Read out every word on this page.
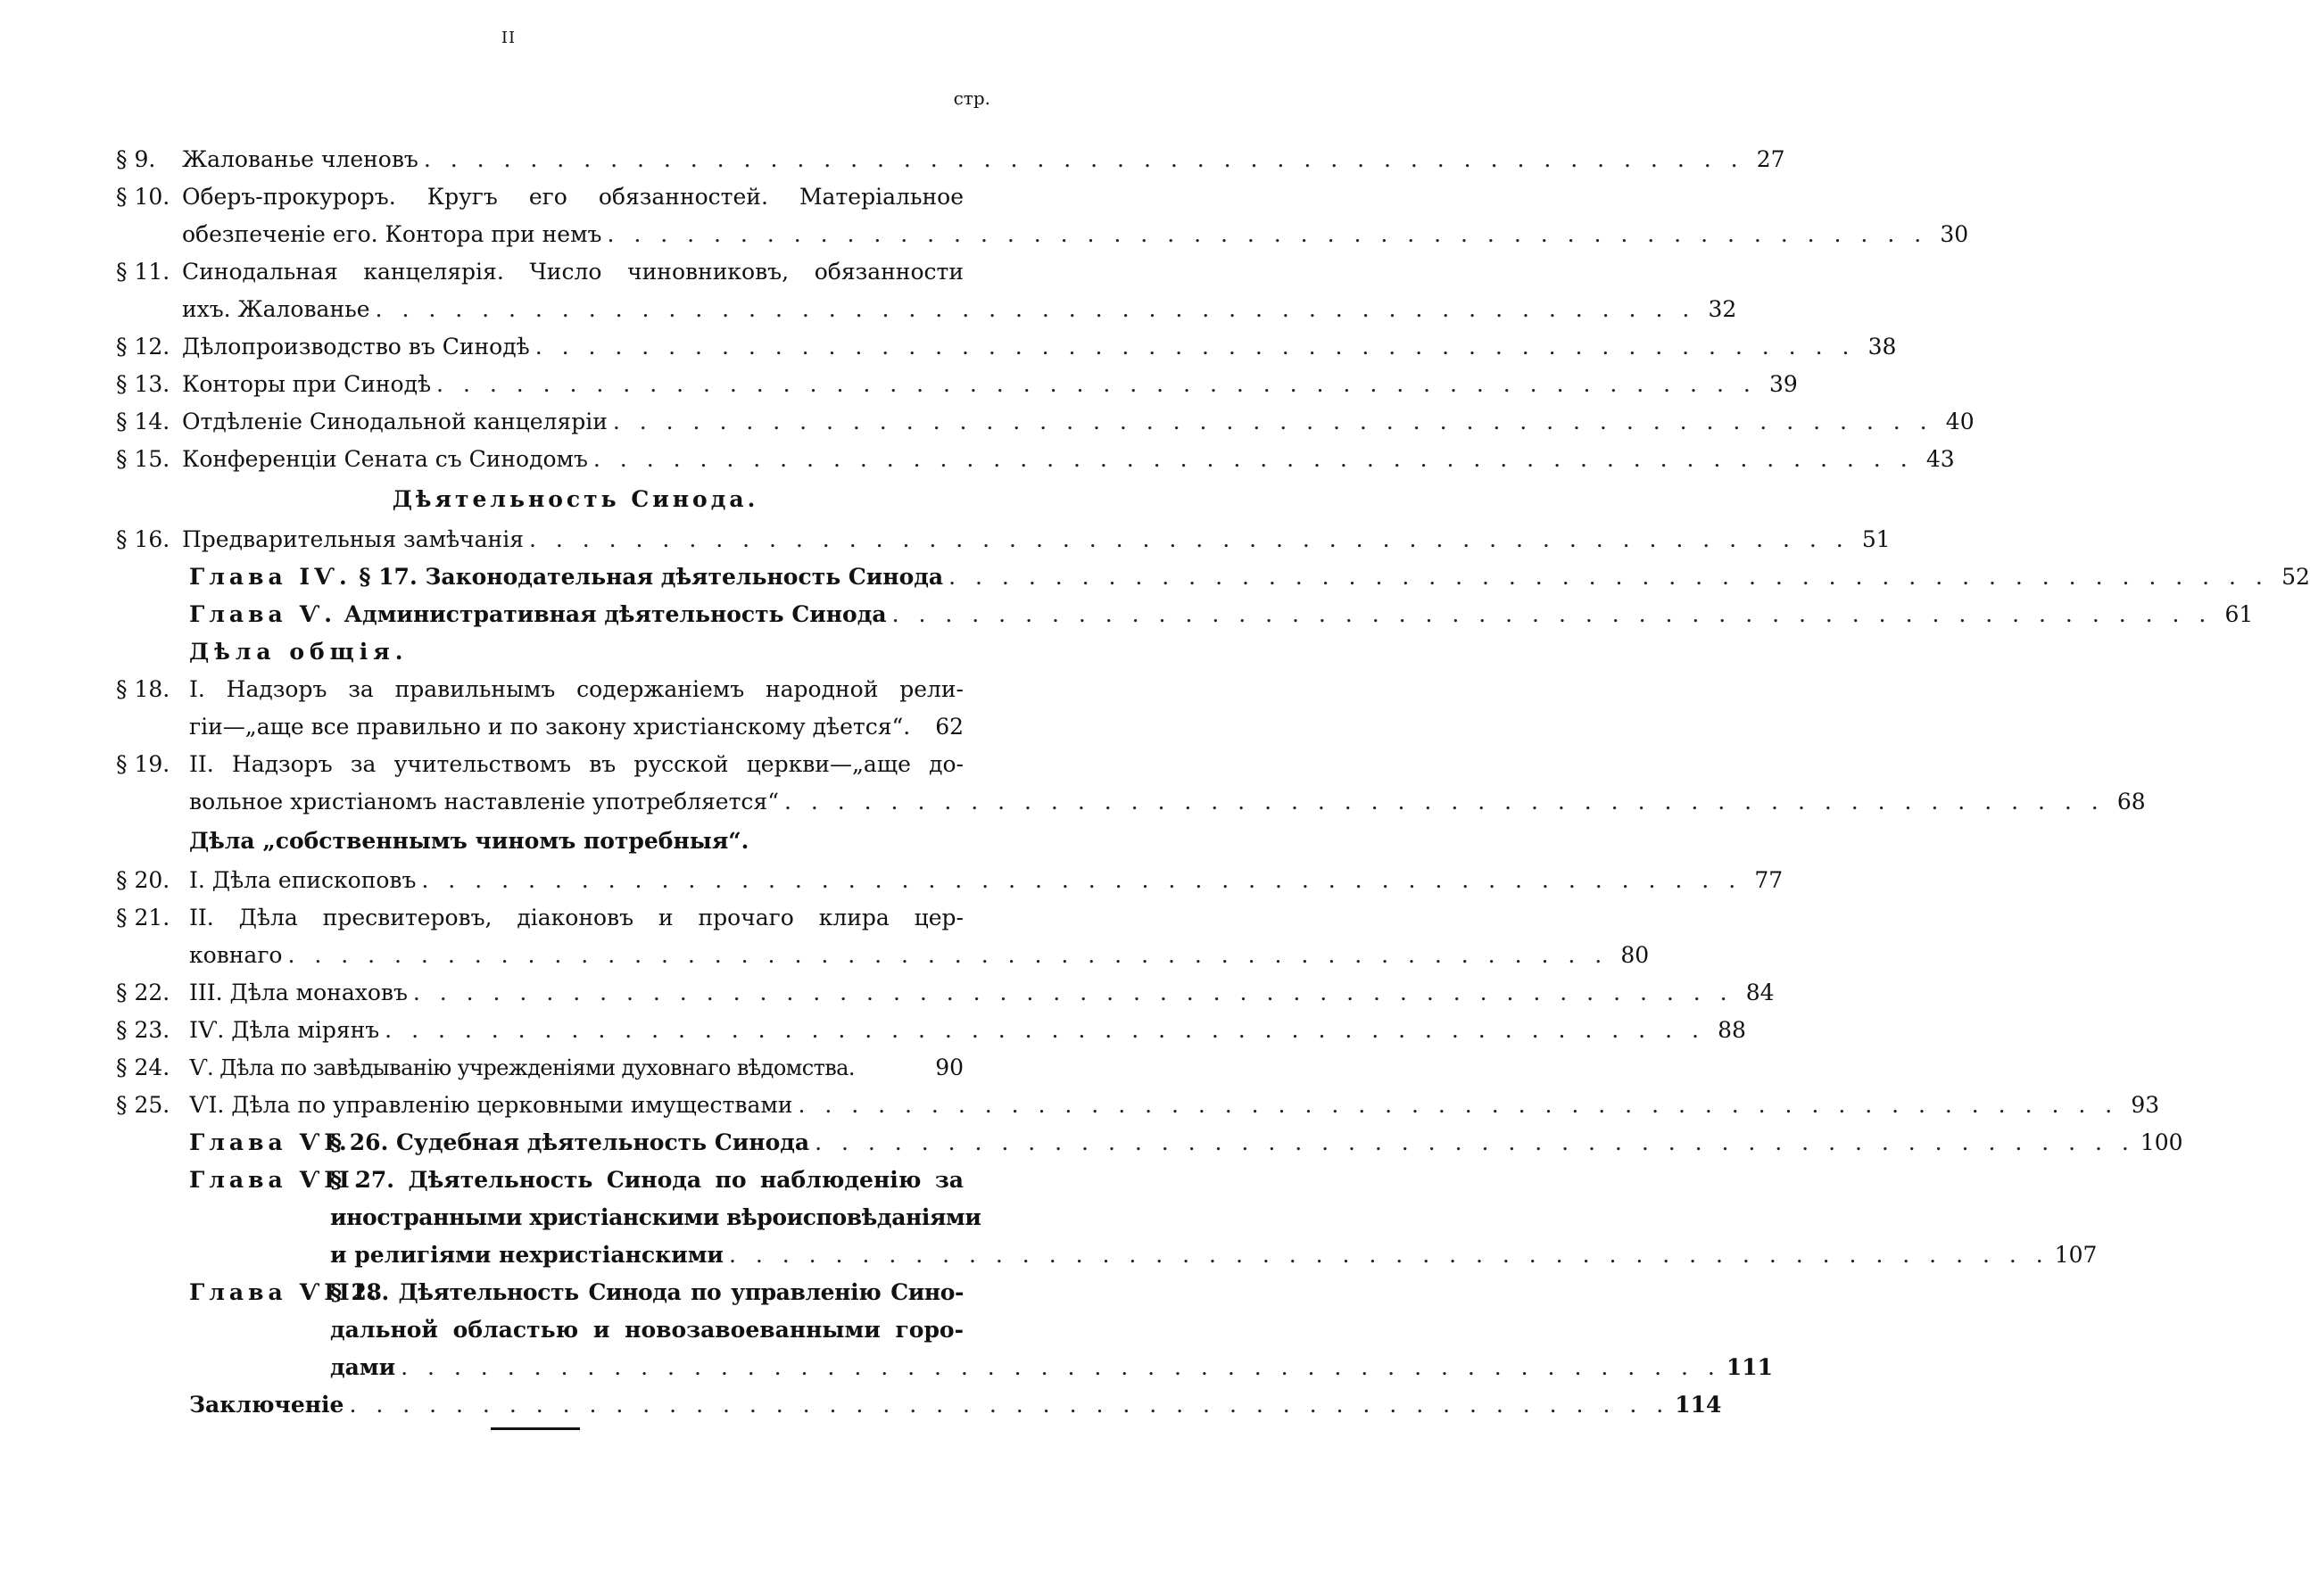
II
стр.
§ 9. Жалованье членовъ . . .	27
§ 10. Оберъ-прокуроръ. Кругъ его обязанностей. Матеріальное
обезпеченіе его. Контора при немъ . . .	30
§ 11. Синодальная канцелярія. Число чиновниковъ, обязанности
ихъ. Жалованье . . .	32
§ 12. Дѣлопроизводство въ Синодѣ . . .	38
§ 13. Конторы при Синодѣ . . .	39
§ 14. Отдѣленіе Синодальной канцеляріи . . .	40
§ 15. Конференціи Сената съ Синодомъ . . .	43
Дѣятельность Синода.
§ 16. Предварительныя замѣчанія . . .	51
Глава IѴ.
§ 17. Законодательная дѣятельность Синода . . .	52
Глава Ѵ.
Административная дѣятельность Синода . . .	61
Дѣла общія.
§ 18. I. Надзоръ за правильнымъ содержаніемъ народной рели-
гіи—„аще все правильно и по закону христіанскому дѣется“.	62
§ 19. II. Надзоръ за учительствомъ въ русской церкви—„аще до-
вольное христіаномъ наставленіе употребляется“ . . .	68
Дѣла „собственнымъ чиномъ потребныя“.
§ 20. I. Дѣла епископовъ . . .	77
§ 21. II. Дѣла пресвитеровъ, діаконовъ и прочаго клира цер-
ковнаго . . .	80
§ 22. III. Дѣла монаховъ . . .	84
§ 23. IѴ. Дѣла мірянъ . . .	88
§ 24. Ѵ. Дѣла по завѣдыванію учрежденіями духовнаго вѣдомства.	90
§ 25. ѴI. Дѣла по управленію церковными имуществами . . .	93
Глава ѴI.
§ 26. Судебная дѣятельность Синода . . .	100
Глава ѴII.
§ 27. Дѣятельность Синода по наблюденію за
иностранными христіанскими вѣроисповѣданіями
и религіями нехристіанскими . . .	107
Глава ѴIII.
§ 28. Дѣятельность Синода по управленію Сино-
дальной областью и новозавоеванными горо-
дами . . .	111
Заключеніе . . .	114
